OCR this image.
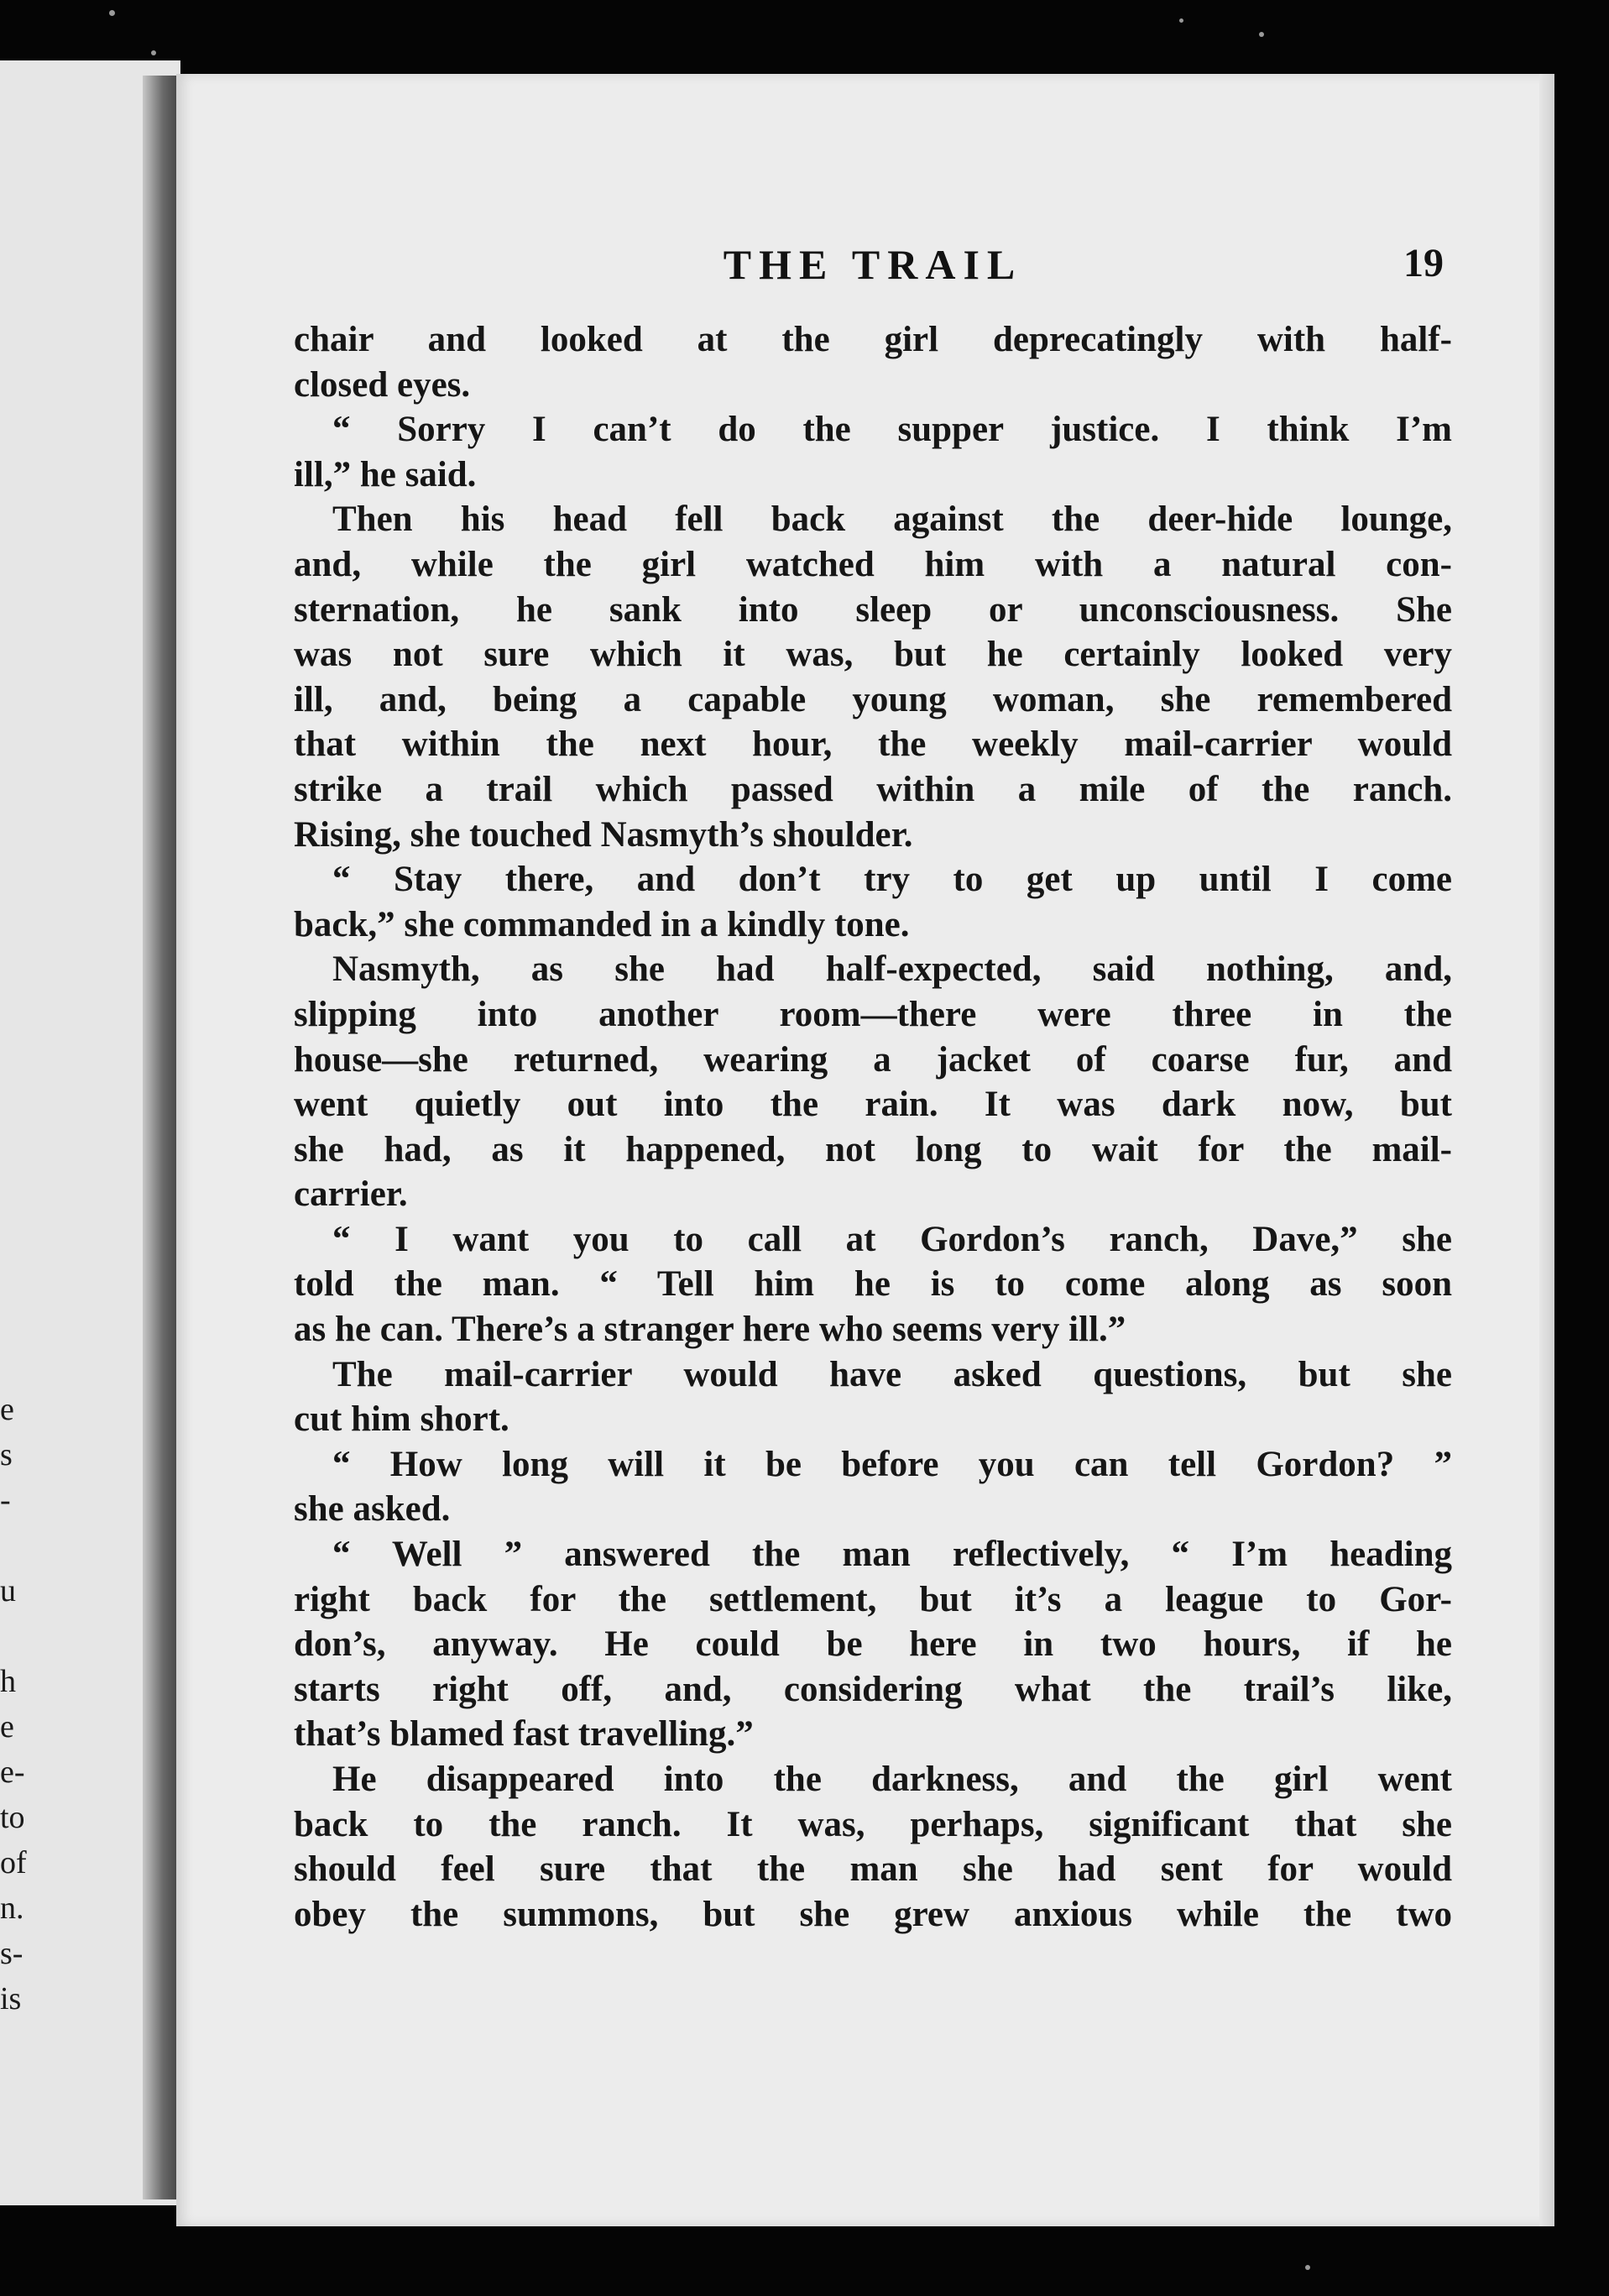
e
s
-
u
h
e
e-
to
of
n.
s-
is
THE TRAIL	19
chair and looked at the girl deprecatingly with half-
closed eyes.
“ Sorry I can’t do the supper justice. I think I’m
ill,” he said.
Then his head fell back against the deer-hide lounge,
and, while the girl watched him with a natural con-
sternation, he sank into sleep or unconsciousness. She
was not sure which it was, but he certainly looked very
ill, and, being a capable young woman, she remembered
that within the next hour, the weekly mail-carrier would
strike a trail which passed within a mile of the ranch.
Rising, she touched Nasmyth’s shoulder.
“ Stay there, and don’t try to get up until I come
back,” she commanded in a kindly tone.
Nasmyth, as she had half-expected, said nothing, and,
slipping into another room—there were three in the
house—she returned, wearing a jacket of coarse fur, and
went quietly out into the rain. It was dark now, but
she had, as it happened, not long to wait for the mail-
carrier.
“ I want you to call at Gordon’s ranch, Dave,” she
told the man. “ Tell him he is to come along as soon
as he can. There’s a stranger here who seems very ill.”
The mail-carrier would have asked questions, but she
cut him short.
“ How long will it be before you can tell Gordon? ”
she asked.
“ Well ” answered the man reflectively, “ I’m heading
right back for the settlement, but it’s a league to Gor-
don’s, anyway. He could be here in two hours, if he
starts right off, and, considering what the trail’s like,
that’s blamed fast travelling.”
He disappeared into the darkness, and the girl went
back to the ranch. It was, perhaps, significant that she
should feel sure that the man she had sent for would
obey the summons, but she grew anxious while the two
